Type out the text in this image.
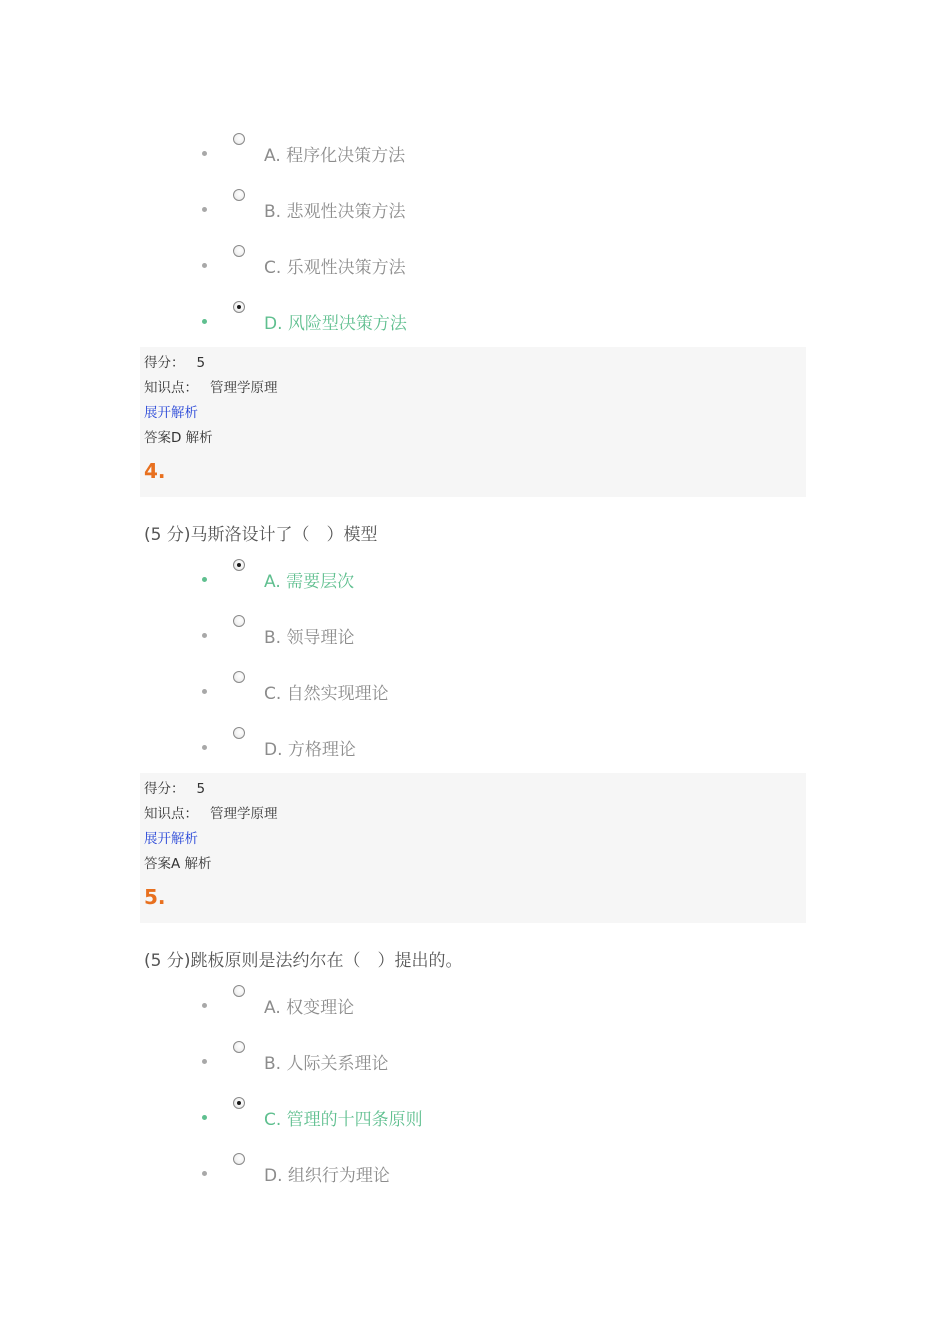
A. 程序化决策方法
B. 悲观性决策方法
C. 乐观性决策方法
D. 风险型决策方法
得分： 5
知识点： 管理学原理
展开解析
答案D 解析
4.
(5 分)马斯洛设计了（　）模型
A. 需要层次
B. 领导理论
C. 自然实现理论
D. 方格理论
得分： 5
知识点： 管理学原理
展开解析
答案A 解析
5.
(5 分)跳板原则是法约尔在（　）提出的。
A. 权变理论
B. 人际关系理论
C. 管理的十四条原则
D. 组织行为理论
